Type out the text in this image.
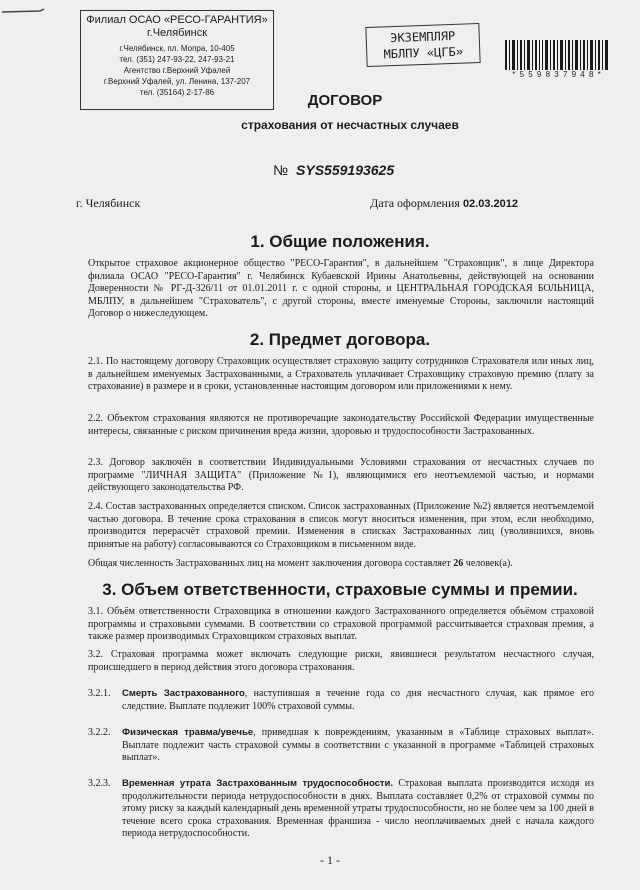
Филиал ОСАО «РЕСО-ГАРАНТИЯ»
г.Челябинск
г.Челябинск, пл. Мопра, 10-405
тел. (351) 247-93-22, 247-93-21
Агентство г.Верхний Уфалей
г.Верхний Уфалей, ул. Ленина, 137-207
тел. (35164) 2-17-86
ЭКЗЕМПЛЯР
МБЛПУ «ЦГБ»
* 5 5 9 8 3 7 9 4 8 *
ДОГОВОР
страхования от несчастных случаев
№ SYS559193625
г. Челябинск	Дата оформления 02.03.2012
1. Общие положения.
Открытое страховое акционерное общество "РЕСО-Гарантия", в дальнейшем "Страховщик", в лице Директора филиала ОСАО "РЕСО-Гарантия" г. Челябинск Кубаевской Ирины Анатольевны, действующей на основании Доверенности № РГ-Д-326/11 от 01.01.2011 г. с одной стороны, и ЦЕНТРАЛЬНАЯ ГОРОДСКАЯ БОЛЬНИЦА, МБЛПУ, в дальнейшем "Страхователь", с другой стороны, вместе именуемые Стороны, заключили настоящий Договор о нижеследующем.
2. Предмет договора.
2.1. По настоящему договору Страховщик осуществляет страховую защиту сотрудников Страхователя или иных лиц, в дальнейшем именуемых Застрахованными, а Страхователь уплачивает Страховщику страховую премию (плату за страхование) в размере и в сроки, установленные настоящим договором или приложениями к нему.
2.2. Объектом страхования являются не противоречащие законодательству Российской Федерации имущественные интересы, связанные с риском причинения вреда жизни, здоровью и трудоспособности Застрахованных.
2.3. Договор заключён в соответствии Индивидуальными Условиями страхования от несчастных случаев по программе "ЛИЧНАЯ ЗАЩИТА" (Приложение №1), являющимися его неотъемлемой частью, и нормами действующего законодательства РФ.
2.4. Состав застрахованных определяется списком. Список застрахованных (Приложение №2) является неотъемлемой частью договора. В течение срока страхования в список могут вноситься изменения, при этом, если необходимо, производится перерасчёт страховой премии. Изменения в списках Застрахованных лиц (уволившихся, вновь принятые на работу) согласовываются со Страховщиком в письменном виде.
Общая численность Застрахованных лиц на момент заключения договора составляет 26 человек(а).
3. Объем ответственности, страховые суммы и премии.
3.1. Объём ответственности Страховщика в отношении каждого Застрахованного определяется объёмом страховой программы и страховыми суммами. В соответствии со страховой программой рассчитывается страховая премия, а также размер производимых Страховщиком страховых выплат.
3.2. Страховая программа может включать следующие риски, явившиеся результатом несчастного случая, происшедшего в период действия этого договора страхования.
3.2.1. Смерть Застрахованного, наступившая в течение года со дня несчастного случая, как прямое его следствие. Выплате подлежит 100% страховой суммы.
3.2.2. Физическая травма/увечье, приведшая к повреждениям, указанным в «Таблице страховых выплат». Выплате подлежит часть страховой суммы в соответствии с указанной в программе «Таблицей страховых выплат».
3.2.3. Временная утрата Застрахованным трудоспособности. Страховая выплата производится исходя из продолжительности периода нетрудоспособности в днях. Выплата составляет 0,2% от страховой суммы по этому риску за каждый календарный день временной утраты трудоспособности, но не более чем за 100 дней в течение всего срока страхования. Временная франшиза - число неоплачиваемых дней с начала каждого периода нетрудоспособности.
- 1 -
